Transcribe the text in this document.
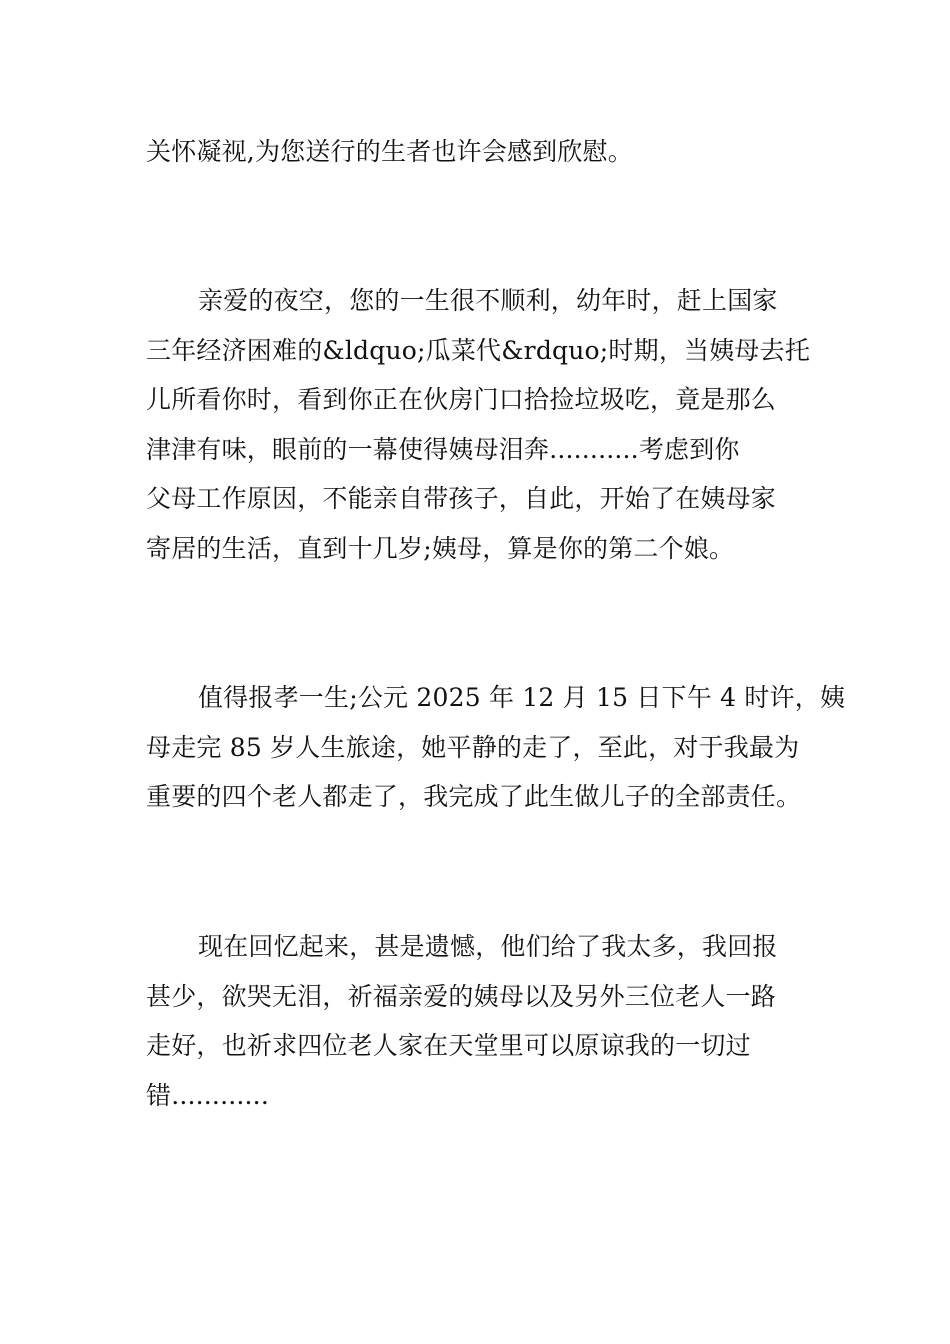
关怀凝视,为您送行的生者也许会感到欣慰。
亲爱的夜空，您的一生很不顺利，幼年时，赶上国家
三年经济困难的&ldquo;瓜菜代&rdquo;时期，当姨母去托
儿所看你时，看到你正在伙房门口拾捡垃圾吃，竟是那么
津津有味，眼前的一幕使得姨母泪奔...........考虑到你
父母工作原因，不能亲自带孩子，自此，开始了在姨母家
寄居的生活，直到十几岁;姨母，算是你的第二个娘。
值得报孝一生;公元 2025 年 12 月 15 日下午 4 时许，姨
母走完 85 岁人生旅途，她平静的走了，至此，对于我最为
重要的四个老人都走了，我完成了此生做儿子的全部责任。
现在回忆起来，甚是遗憾，他们给了我太多，我回报
甚少，欲哭无泪，祈福亲爱的姨母以及另外三位老人一路
走好，也祈求四位老人家在天堂里可以原谅我的一切过
错............
